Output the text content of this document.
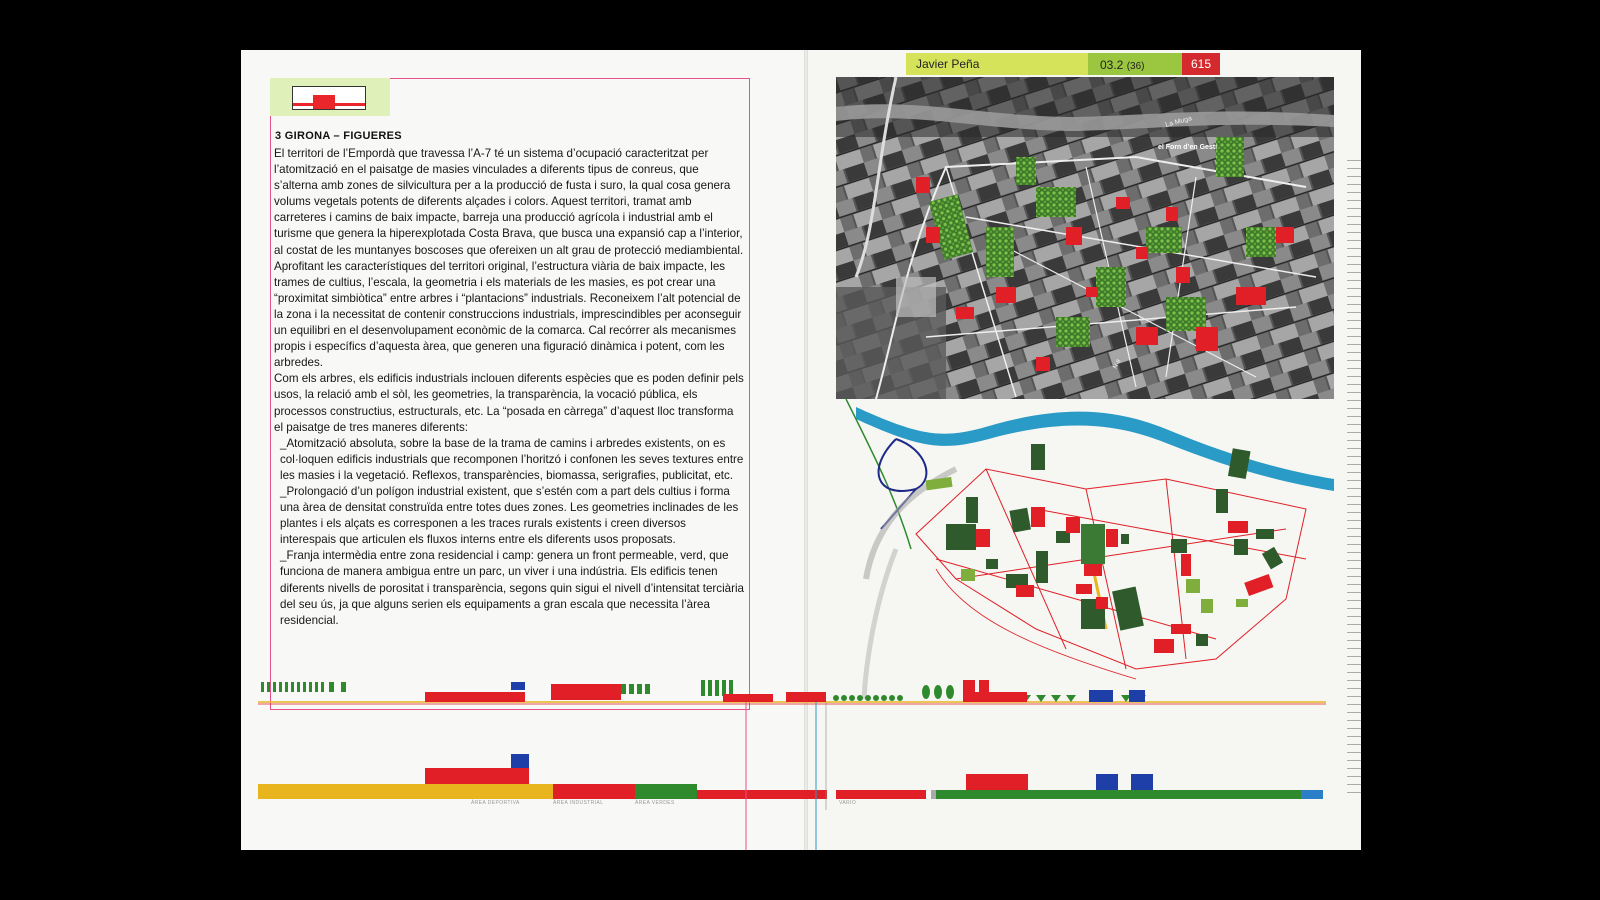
3 GIRONA – FIGUERES

El territori de l’Empordà que travessa l’A-7 té un sistema d’ocupació caracteritzat per l’atomització en el paisatge de masies vinculades a diferents tipus de conreus, que s’alterna amb zones de silvicultura per a la producció de fusta i suro, la qual cosa genera volums vegetals potents de diferents alçades i colors. Aquest territori, tramat amb carreteres i camins de baix impacte, barreja una producció agrícola i industrial amb el turisme que genera la hiperexplotada Costa Brava, que busca una expansió cap a l’interior, al costat de les muntanyes boscoses que ofereixen un alt grau de protecció mediambiental. Aprofitant les característiques del territori original, l’estructura viària de baix impacte, les trames de cultius, l’escala, la geometria i els materials de les masies, es pot crear una “proximitat simbiòtica” entre arbres i “plantacions” industrials. Reconeixem l’alt potencial de la zona i la necessitat de contenir construccions industrials, imprescindibles per aconseguir un equilibri en el desenvolupament econòmic de la comarca. Cal recórrer als mecanismes propis i específics d’aquesta àrea, que generen una figuració dinàmica i potent, com les arbredes.

Com els arbres, els edificis industrials inclouen diferents espècies que es poden definir pels usos, la relació amb el sòl, les geometries, la transparència, la vocació pública, els processos constructius, estructurals, etc. La “posada en càrrega” d’aquest lloc transforma el paisatge de tres maneres diferents:

_Atomització absoluta, sobre la base de la trama de camins i arbredes existents, on es col·loquen edificis industrials que recomponen l’horitzó i confonen les seves textures entre les masies i la vegetació. Reflexos, transparències, biomassa, serigrafies, publicitat, etc.

_Prolongació d’un polígon industrial existent, que s’estén com a part dels cultius i forma una àrea de densitat construïda entre totes dues zones. Les geometries inclinades de les plantes i els alçats es corresponen a les traces rurals existents i creen diversos interespais que articulen els fluxos interns entre els diferents usos proposats.

_Franja intermèdia entre zona residencial i camp: genera un front permeable, verd, que funciona de manera ambigua entre un parc, un viver i una indústria. Els edificis tenen diferents nivells de porositat i transparència, segons quin sigui el nivell d’intensitat terciària del seu ús, ja que alguns serien els equipaments a gran escala que necessita l’àrea residencial.

Javier Peña	03.2 (36)	615
el Forn d’en Gesti
La Muga
N-II
ÀREA DEPORTIVA	ÀREA INDUSTRIAL	ÀREA VERDES	VARIO
